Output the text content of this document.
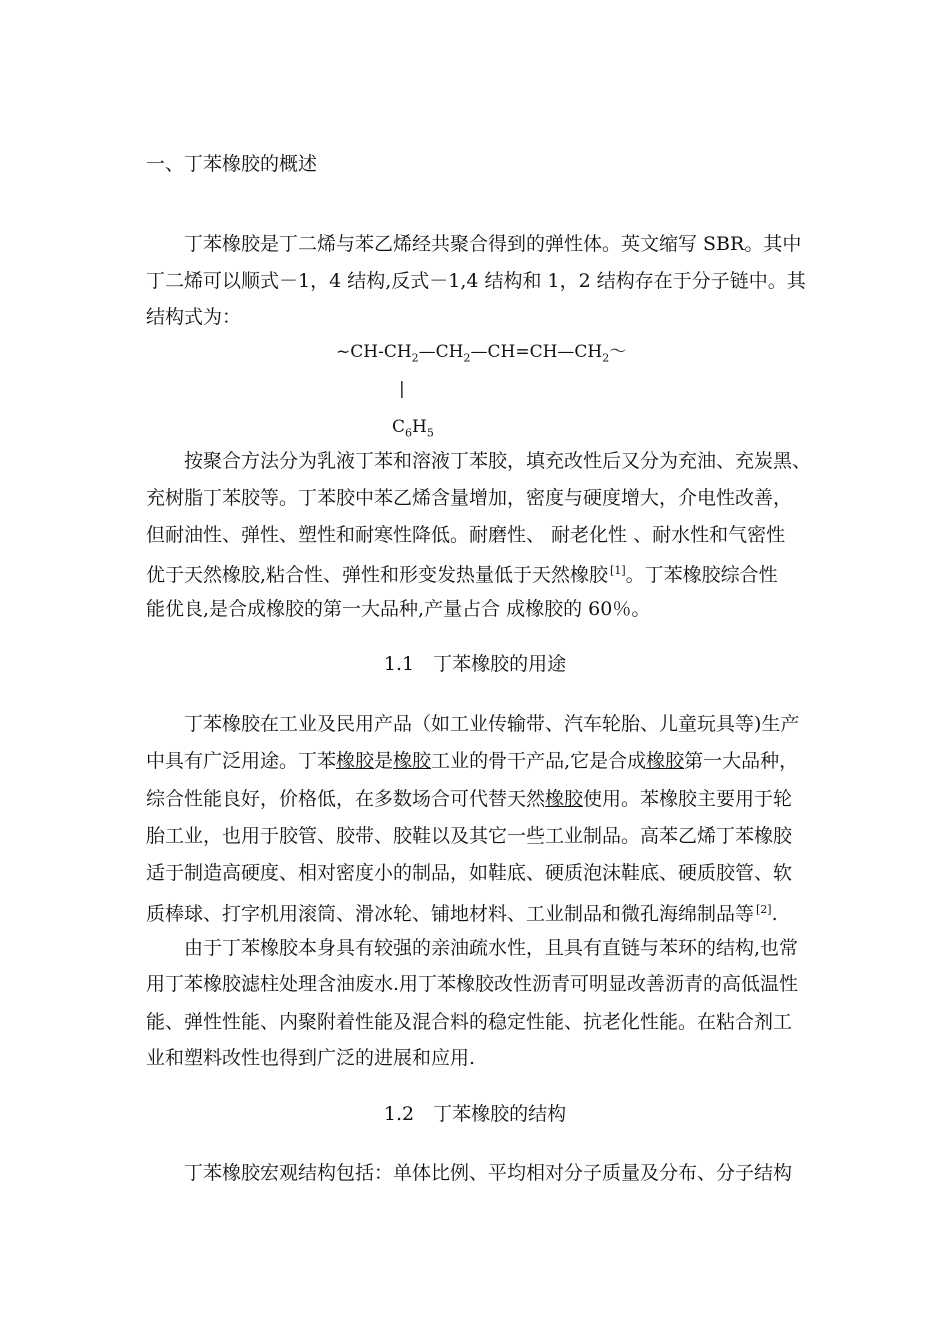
一、丁苯橡胶的概述
丁苯橡胶是丁二烯与苯乙烯经共聚合得到的弹性体。英文缩写 SBR。其中
丁二烯可以顺式－1，4 结构,反式－1,4 结构和 1，2 结构存在于分子链中。其
结构式为：
$\sim CH-CH_2—CH_2—CH=CH—CH_2\sim$
|
$C_6H_5$
按聚合方法分为乳液丁苯和溶液丁苯胶，填充改性后又分为充油、充炭黑、
充树脂丁苯胶等。丁苯胶中苯乙烯含量增加，密度与硬度增大，介电性改善，
但耐油性、弹性、塑性和耐寒性降低。耐磨性、 耐老化性 、耐水性和气密性
优于天然橡胶,粘合性、弹性和形变发热量低于天然橡胶 [1]。丁苯橡胶综合性
能优良,是合成橡胶的第一大品种,产量占合 成橡胶的 60％。
1.1　丁苯橡胶的用途
丁苯橡胶在工业及民用产品（如工业传输带、汽车轮胎、儿童玩具等)生产
中具有广泛用途。丁苯橡胶是橡胶工业的骨干产品,它是合成橡胶第一大品种，
综合性能良好，价格低，在多数场合可代替天然橡胶使用。苯橡胶主要用于轮
胎工业，也用于胶管、胶带、胶鞋以及其它一些工业制品。高苯乙烯丁苯橡胶
适于制造高硬度、相对密度小的制品，如鞋底、硬质泡沫鞋底、硬质胶管、软
质棒球、打字机用滚筒、滑冰轮、铺地材料、工业制品和微孔海绵制品等 [2].
由于丁苯橡胶本身具有较强的亲油疏水性，且具有直链与苯环的结构,也常
用丁苯橡胶滤柱处理含油废水.用丁苯橡胶改性沥青可明显改善沥青的高低温性
能、弹性性能、内聚附着性能及混合料的稳定性能、抗老化性能。在粘合剂工
业和塑料改性也得到广泛的进展和应用.
1.2　丁苯橡胶的结构
丁苯橡胶宏观结构包括：单体比例、平均相对分子质量及分布、分子结构
